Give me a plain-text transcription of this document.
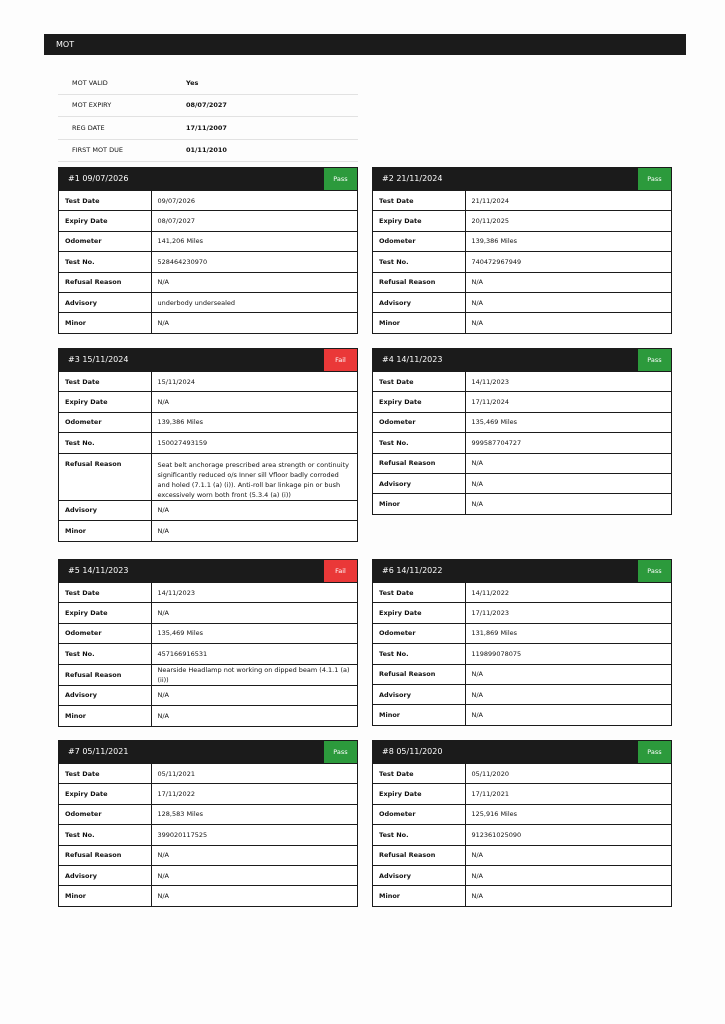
MOT
MOT VALID	Yes
MOT EXPIRY	08/07/2027
REG DATE	17/11/2007
FIRST MOT DUE	01/11/2010
#1 09/07/2026	Pass
Test Date	09/07/2026
Expiry Date	08/07/2027
Odometer	141,206 Miles
Test No.	528464230970
Refusal Reason	N/A
Advisory	underbody undersealed
Minor	N/A
#2 21/11/2024	Pass
Test Date	21/11/2024
Expiry Date	20/11/2025
Odometer	139,386 Miles
Test No.	740472967949
Refusal Reason	N/A
Advisory	N/A
Minor	N/A
#3 15/11/2024	Fail
Test Date	15/11/2024
Expiry Date	N/A
Odometer	139,386 Miles
Test No.	150027493159
Refusal Reason	Seat belt anchorage prescribed area strength or continuity significantly reduced o/s Inner sill Vfloor badly corroded and holed (7.1.1 (a) (i)). Anti-roll bar linkage pin or bush excessively worn both front (5.3.4 (a) (i))
Advisory	N/A
Minor	N/A
#4 14/11/2023	Pass
Test Date	14/11/2023
Expiry Date	17/11/2024
Odometer	135,469 Miles
Test No.	999587704727
Refusal Reason	N/A
Advisory	N/A
Minor	N/A
#5 14/11/2023	Fail
Test Date	14/11/2023
Expiry Date	N/A
Odometer	135,469 Miles
Test No.	457166916531
Refusal Reason	Nearside Headlamp not working on dipped beam (4.1.1 (a) (ii))
Advisory	N/A
Minor	N/A
#6 14/11/2022	Pass
Test Date	14/11/2022
Expiry Date	17/11/2023
Odometer	131,869 Miles
Test No.	119899078075
Refusal Reason	N/A
Advisory	N/A
Minor	N/A
#7 05/11/2021	Pass
Test Date	05/11/2021
Expiry Date	17/11/2022
Odometer	128,583 Miles
Test No.	399020117525
Refusal Reason	N/A
Advisory	N/A
Minor	N/A
#8 05/11/2020	Pass
Test Date	05/11/2020
Expiry Date	17/11/2021
Odometer	125,916 Miles
Test No.	912361025090
Refusal Reason	N/A
Advisory	N/A
Minor	N/A
